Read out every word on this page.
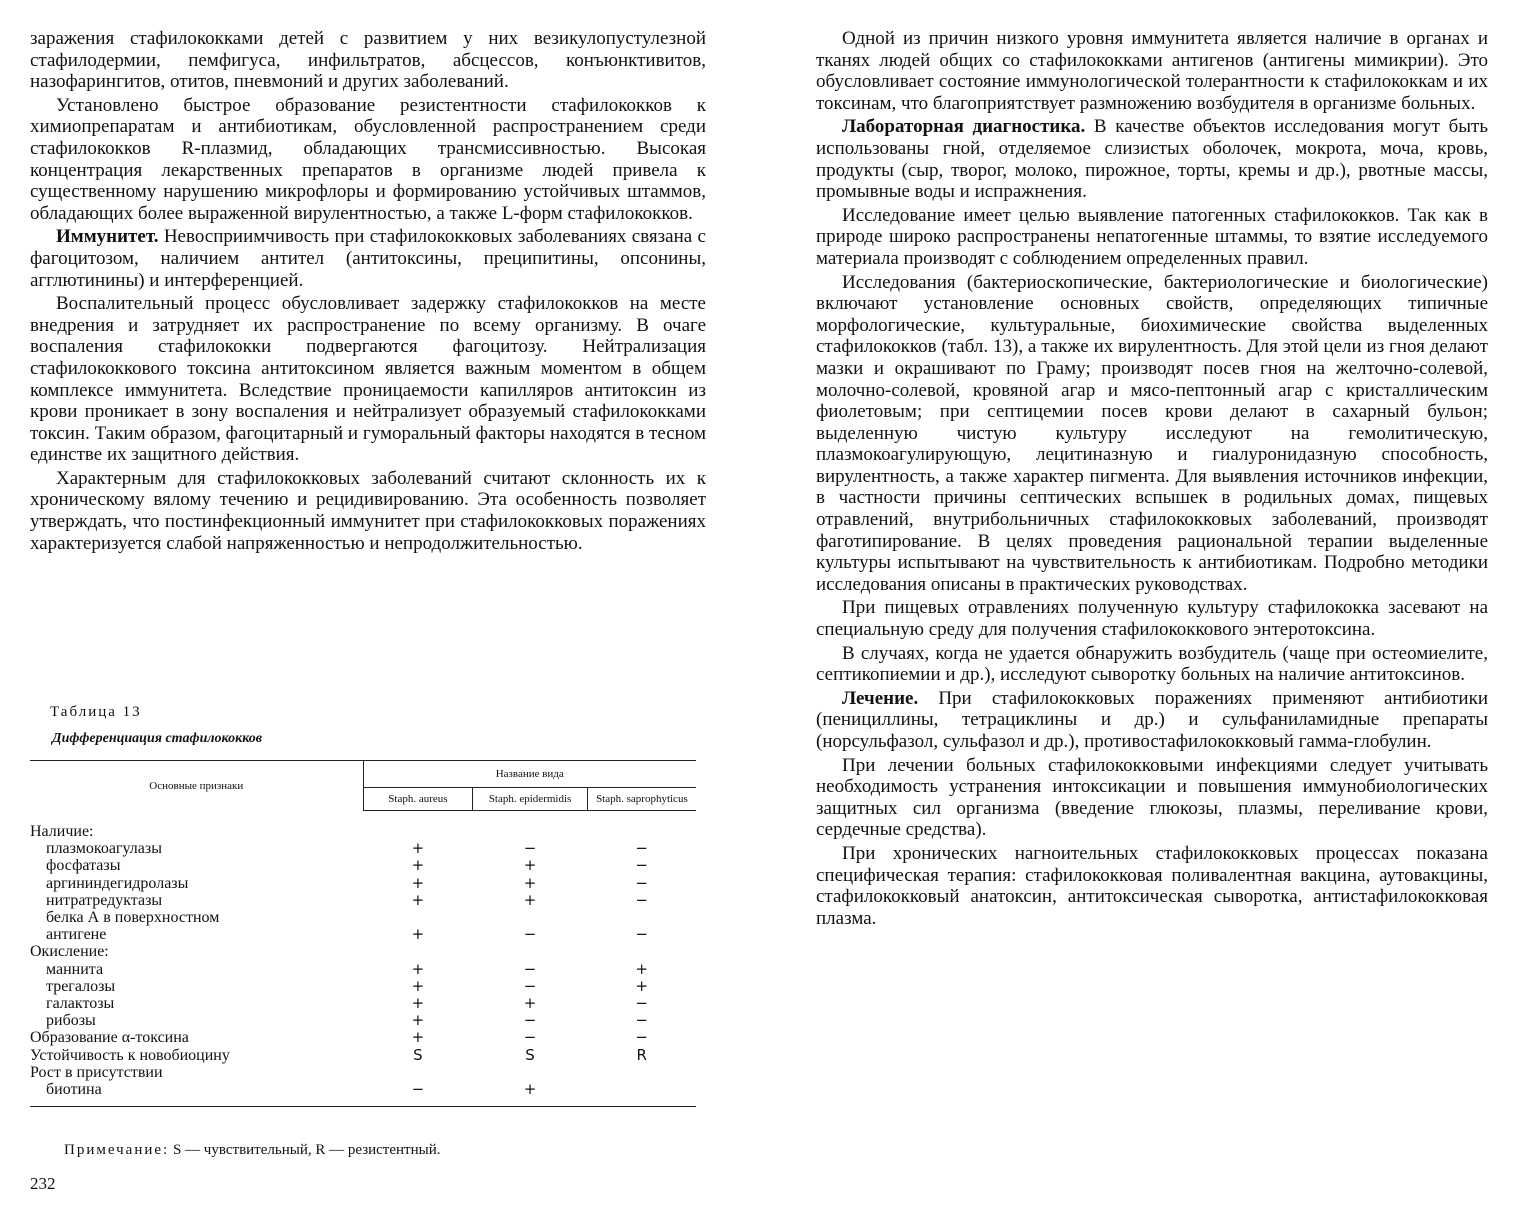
заражения стафилококками детей с развитием у них везикулопустулезной стафилодермии, пемфигуса, инфильтратов, абсцессов, конъюнктивитов, назофарингитов, отитов, пневмоний и других заболеваний.

Установлено быстрое образование резистентности стафилококков к химиопрепаратам и антибиотикам, обусловленной распространением среди стафилококков R-плазмид, обладающих трансмиссивностью. Высокая концентрация лекарственных препаратов в организме людей привела к существенному нарушению микрофлоры и формированию устойчивых штаммов, обладающих более выраженной вирулентностью, а также L-форм стафилококков.

Иммунитет. Невосприимчивость при стафилококковых заболеваниях связана с фагоцитозом, наличием антител (антитоксины, преципитины, опсонины, агглютинины) и интерференцией.

Воспалительный процесс обусловливает задержку стафилококков на месте внедрения и затрудняет их распространение по всему организму. В очаге воспаления стафилококки подвергаются фагоцитозу. Нейтрализация стафилококкового токсина антитоксином является важным моментом в общем комплексе иммунитета. Вследствие проницаемости капилляров антитоксин из крови проникает в зону воспаления и нейтрализует образуемый стафилококками токсин. Таким образом, фагоцитарный и гуморальный факторы находятся в тесном единстве их защитного действия.

Характерным для стафилококковых заболеваний считают склонность их к хроническому вялому течению и рецидивированию. Эта особенность позволяет утверждать, что постинфекционный иммунитет при стафилококковых поражениях характеризуется слабой напряженностью и непродолжительностью.

Таблица 13
Дифференциация стафилококков
Основные признаки	Название вида		
	Staph. aureus	Staph. epidermidis	Staph. saprophyticus

Наличие:			
плазмокоагулазы	+	−	−
фосфатазы	+	+	−
аргининдегидролазы	+	+	−
нитратредуктазы	+	+	−
белка А в поверхностном			
антигене	+	−	−
Окисление:			
маннита	+	−	+
трегалозы	+	−	+
галактозы	+	+	−
рибозы	+	−	−
Образование α-токсина	+	−	−
Устойчивость к новобиоцину	S	S	R
Рост в присутствии			
биотина	−	+	
Примечание: S — чувствительный, R — резистентный.
232

Одной из причин низкого уровня иммунитета является наличие в органах и тканях людей общих со стафилококками антигенов (антигены мимикрии). Это обусловливает состояние иммунологической толерантности к стафилококкам и их токсинам, что благоприятствует размножению возбудителя в организме больных.

Лабораторная диагностика. В качестве объектов исследования могут быть использованы гной, отделяемое слизистых оболочек, мокрота, моча, кровь, продукты (сыр, творог, молоко, пирожное, торты, кремы и др.), рвотные массы, промывные воды и испражнения.

Исследование имеет целью выявление патогенных стафилококков. Так как в природе широко распространены непатогенные штаммы, то взятие исследуемого материала производят с соблюдением определенных правил.

Исследования (бактериоскопические, бактериологические и биологические) включают установление основных свойств, определяющих типичные морфологические, культуральные, биохимические свойства выделенных стафилококков (табл. 13), а также их вирулентность. Для этой цели из гноя делают мазки и окрашивают по Граму; производят посев гноя на желточно-солевой, молочно-солевой, кровяной агар и мясо-пептонный агар с кристаллическим фиолетовым; при септицемии посев крови делают в сахарный бульон; выделенную чистую культуру исследуют на гемолитическую, плазмокоагулирующую, лецитиназную и гиалуронидазную способность, вирулентность, а также характер пигмента. Для выявления источников инфекции, в частности причины септических вспышек в родильных домах, пищевых отравлений, внутрибольничных стафилококковых заболеваний, производят фаготипирование. В целях проведения рациональной терапии выделенные культуры испытывают на чувствительность к антибиотикам. Подробно методики исследования описаны в практических руководствах.

При пищевых отравлениях полученную культуру стафилококка засевают на специальную среду для получения стафилококкового энтеротоксина.

В случаях, когда не удается обнаружить возбудитель (чаще при остеомиелите, септикопиемии и др.), исследуют сыворотку больных на наличие антитоксинов.

Лечение. При стафилококковых поражениях применяют антибиотики (пенициллины, тетрациклины и др.) и сульфаниламидные препараты (норсульфазол, сульфазол и др.), противостафилококковый гамма-глобулин.

При лечении больных стафилококковыми инфекциями следует учитывать необходимость устранения интоксикации и повышения иммунобиологических защитных сил организма (введение глюкозы, плазмы, переливание крови, сердечные средства).

При хронических нагноительных стафилококковых процессах показана специфическая терапия: стафилококковая поливалентная вакцина, аутовакцины, стафилококковый анатоксин, антитоксическая сыворотка, антистафилококковая плазма.
